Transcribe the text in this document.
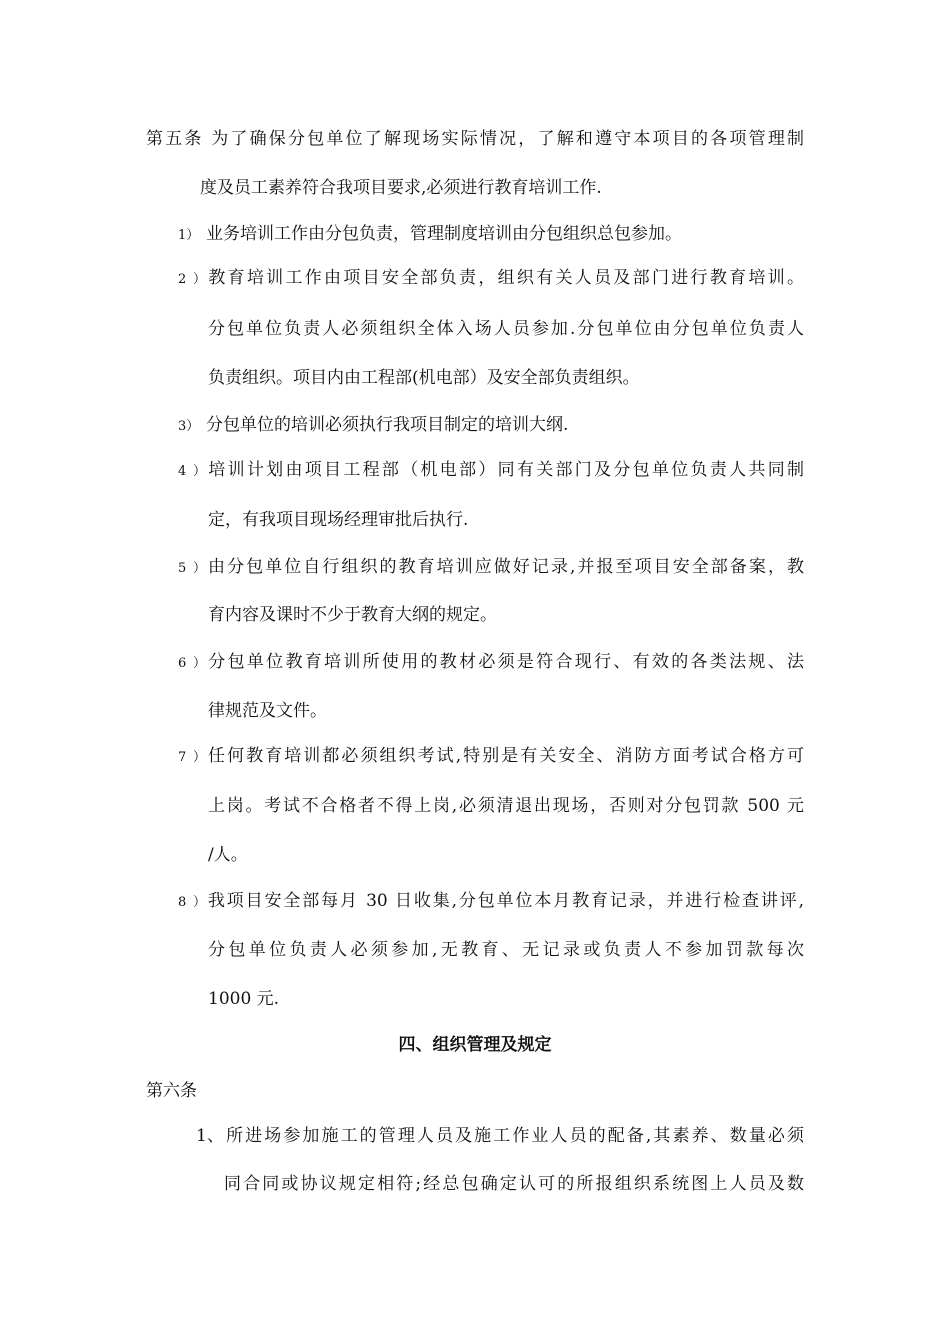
第五条 为了确保分包单位了解现场实际情况，了解和遵守本项目的各项管理制
度及员工素养符合我项目要求,必须进行教育培训工作.
1） 业务培训工作由分包负责，管理制度培训由分包组织总包参加。
2）教育培训工作由项目安全部负责，组织有关人员及部门进行教育培训。
分包单位负责人必须组织全体入场人员参加.分包单位由分包单位负责人
负责组织。项目内由工程部(机电部）及安全部负责组织。
3） 分包单位的培训必须执行我项目制定的培训大纲.
4）培训计划由项目工程部（机电部）同有关部门及分包单位负责人共同制
定，有我项目现场经理审批后执行.
5）由分包单位自行组织的教育培训应做好记录,并报至项目安全部备案，教
育内容及课时不少于教育大纲的规定。
6）分包单位教育培训所使用的教材必须是符合现行、有效的各类法规、法
律规范及文件。
7）任何教育培训都必须组织考试,特别是有关安全、消防方面考试合格方可
上岗。考试不合格者不得上岗,必须清退出现场，否则对分包罚款 500 元
/人。
8）我项目安全部每月 30 日收集,分包单位本月教育记录，并进行检查讲评,
分包单位负责人必须参加,无教育、无记录或负责人不参加罚款每次
1000 元.
四、组织管理及规定
第六条
1、所进场参加施工的管理人员及施工作业人员的配备,其素养、数量必须
同合同或协议规定相符;经总包确定认可的所报组织系统图上人员及数
